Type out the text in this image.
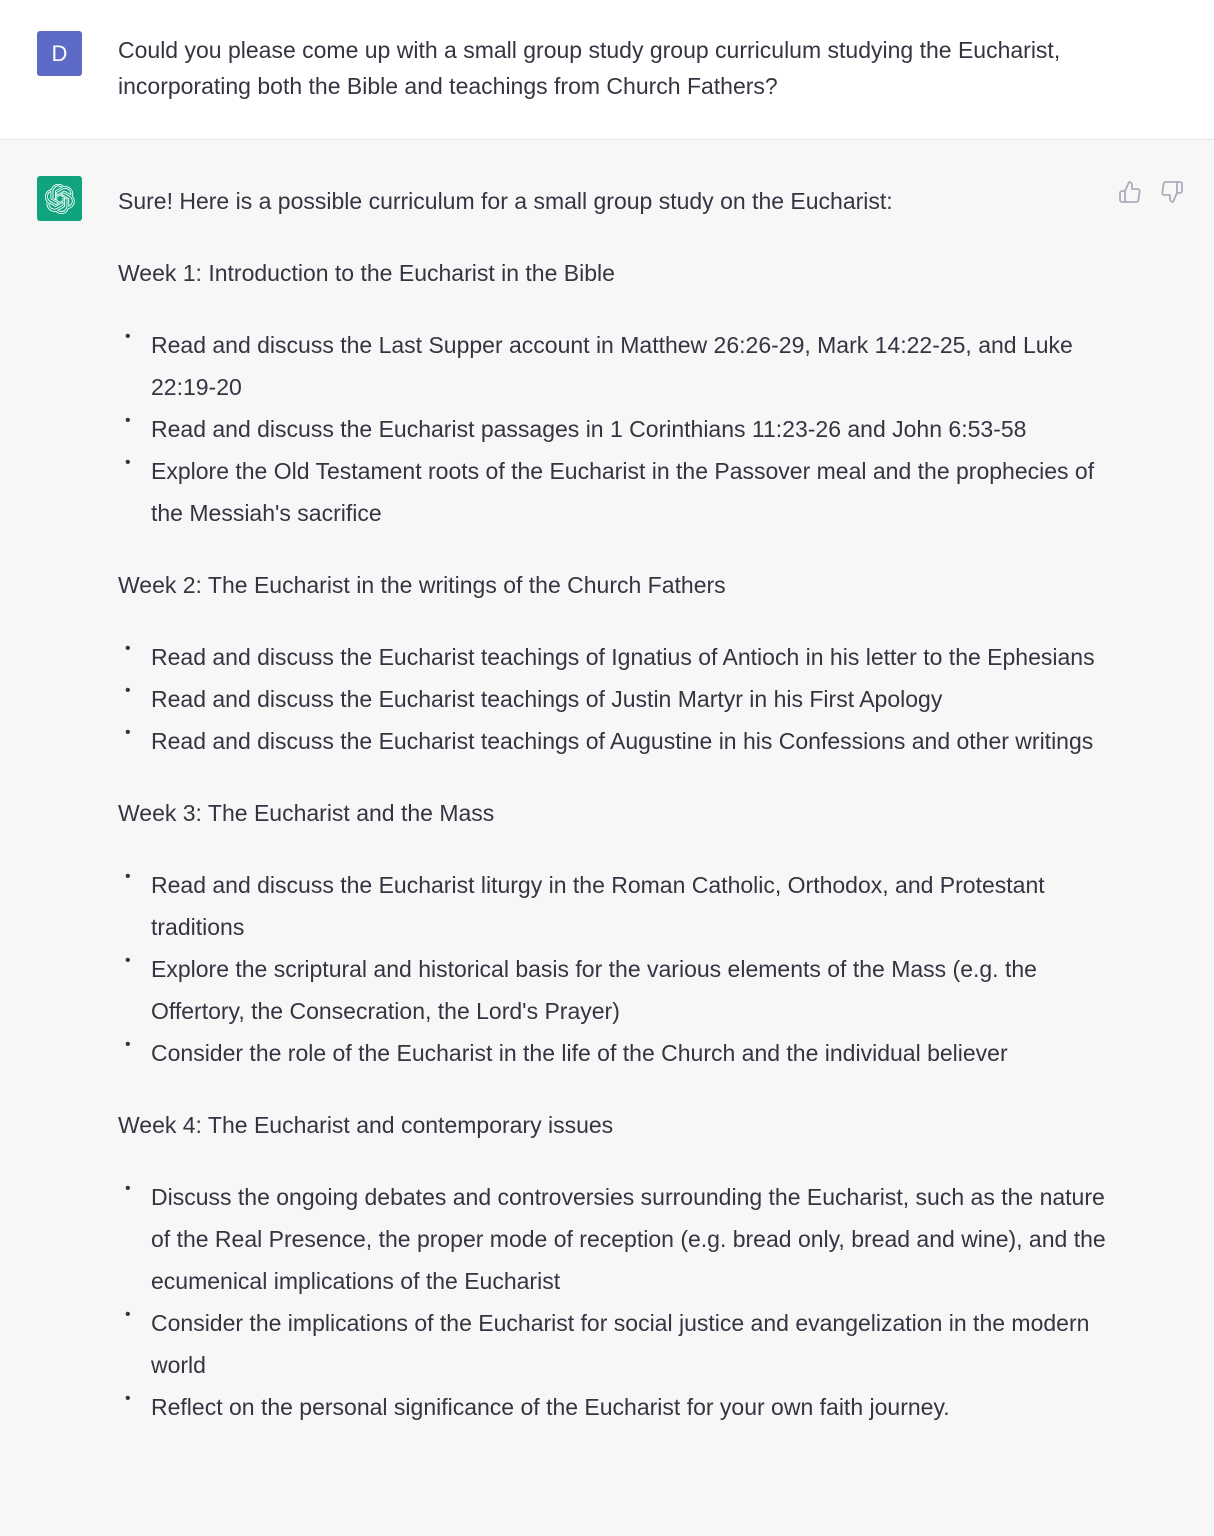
D	Could you please come up with a small group study group curriculum studying the Eucharist, incorporating both the Bible and teachings from Church Fathers?

Sure! Here is a possible curriculum for a small group study on the Eucharist:

Week 1: Introduction to the Eucharist in the Bible

• Read and discuss the Last Supper account in Matthew 26:26-29, Mark 14:22-25, and Luke 22:19-20
• Read and discuss the Eucharist passages in 1 Corinthians 11:23-26 and John 6:53-58
• Explore the Old Testament roots of the Eucharist in the Passover meal and the prophecies of the Messiah's sacrifice

Week 2: The Eucharist in the writings of the Church Fathers

• Read and discuss the Eucharist teachings of Ignatius of Antioch in his letter to the Ephesians
• Read and discuss the Eucharist teachings of Justin Martyr in his First Apology
• Read and discuss the Eucharist teachings of Augustine in his Confessions and other writings

Week 3: The Eucharist and the Mass

• Read and discuss the Eucharist liturgy in the Roman Catholic, Orthodox, and Protestant traditions
• Explore the scriptural and historical basis for the various elements of the Mass (e.g. the Offertory, the Consecration, the Lord's Prayer)
• Consider the role of the Eucharist in the life of the Church and the individual believer

Week 4: The Eucharist and contemporary issues

• Discuss the ongoing debates and controversies surrounding the Eucharist, such as the nature of the Real Presence, the proper mode of reception (e.g. bread only, bread and wine), and the ecumenical implications of the Eucharist
• Consider the implications of the Eucharist for social justice and evangelization in the modern world
• Reflect on the personal significance of the Eucharist for your own faith journey.
